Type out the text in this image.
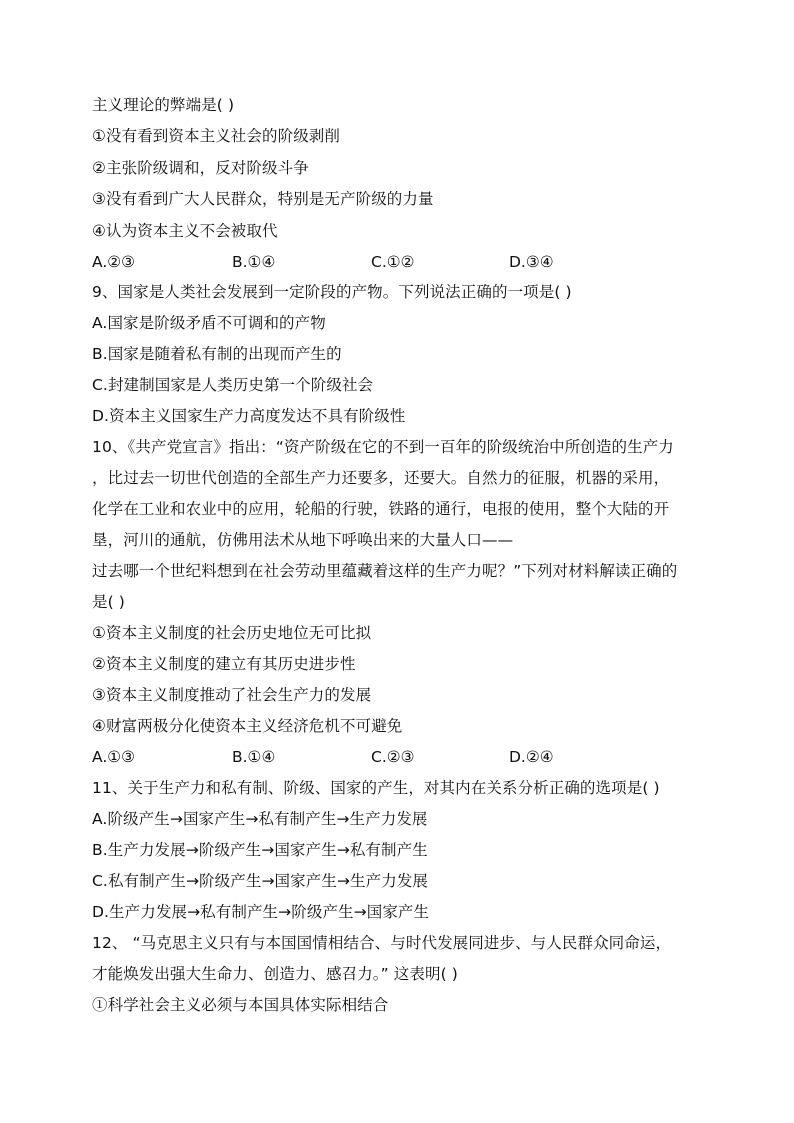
主义理论的弊端是( )
①没有看到资本主义社会的阶级剥削
②主张阶级调和，反对阶级斗争
③没有看到广大人民群众，特别是无产阶级的力量
④认为资本主义不会被取代
A.②③	B.①④	C.①②	D.③④
9、国家是人类社会发展到一定阶段的产物。下列说法正确的一项是( )
A.国家是阶级矛盾不可调和的产物
B.国家是随着私有制的出现而产生的
C.封建制国家是人类历史第一个阶级社会
D.资本主义国家生产力高度发达不具有阶级性
10、《共产党宣言》指出：“资产阶级在它的不到一百年的阶级统治中所创造的生产力
，比过去一切世代创造的全部生产力还要多，还要大。自然力的征服，机器的采用，
化学在工业和农业中的应用，轮船的行驶，铁路的通行，电报的使用，整个大陆的开
垦，河川的通航，仿佛用法术从地下呼唤出来的大量人口——
过去哪一个世纪料想到在社会劳动里蕴藏着这样的生产力呢？”下列对材料解读正确的
是( )
①资本主义制度的社会历史地位无可比拟
②资本主义制度的建立有其历史进步性
③资本主义制度推动了社会生产力的发展
④财富两极分化使资本主义经济危机不可避免
A.①③	B.①④	C.②③	D.②④
11、关于生产力和私有制、阶级、国家的产生，对其内在关系分析正确的选项是( )
A.阶级产生→国家产生→私有制产生→生产力发展
B.生产力发展→阶级产生→国家产生→私有制产生
C.私有制产生→阶级产生→国家产生→生产力发展
D.生产力发展→私有制产生→阶级产生→国家产生
12、 “马克思主义只有与本国国情相结合、与时代发展同进步、与人民群众同命运，
才能焕发出强大生命力、创造力、感召力。” 这表明( )
①科学社会主义必须与本国具体实际相结合
